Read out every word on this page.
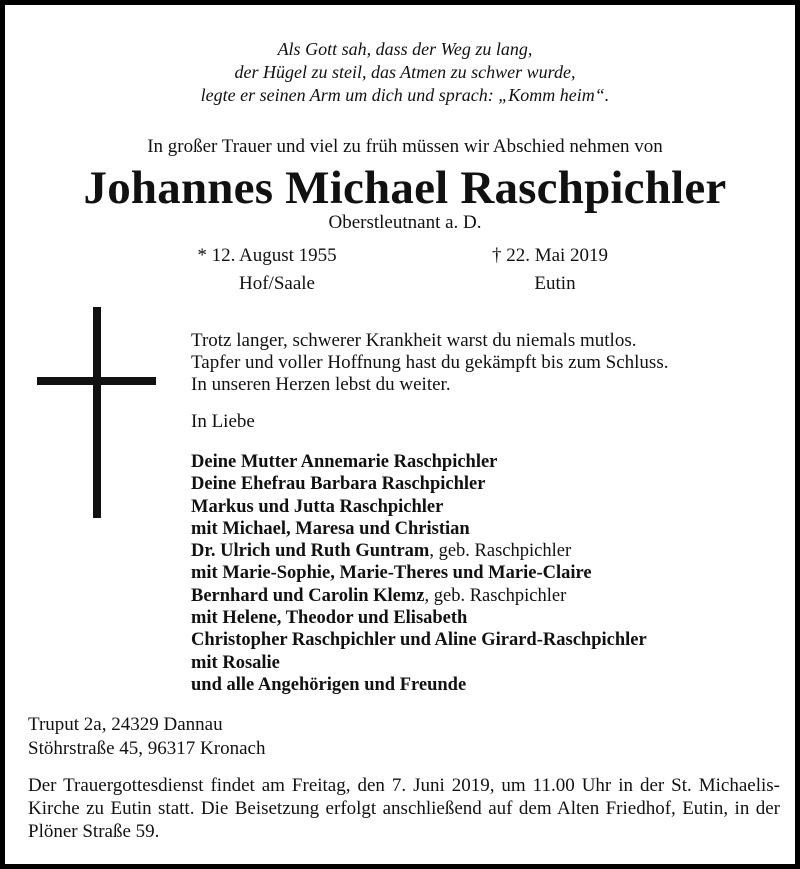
Als Gott sah, dass der Weg zu lang,
der Hügel zu steil, das Atmen zu schwer wurde,
legte er seinen Arm um dich und sprach: „Komm heim“.
In großer Trauer und viel zu früh müssen wir Abschied nehmen von
Johannes Michael Raschpichler
Oberstleutnant a. D.
* 12. August 1955
Hof/Saale
† 22. Mai 2019
Eutin
Trotz langer, schwerer Krankheit warst du niemals mutlos.
Tapfer und voller Hoffnung hast du gekämpft bis zum Schluss.
In unseren Herzen lebst du weiter.
In Liebe
Deine Mutter Annemarie Raschpichler
Deine Ehefrau Barbara Raschpichler
Markus und Jutta Raschpichler
mit Michael, Maresa und Christian
Dr. Ulrich und Ruth Guntram, geb. Raschpichler
mit Marie-Sophie, Marie-Theres und Marie-Claire
Bernhard und Carolin Klemz, geb. Raschpichler
mit Helene, Theodor und Elisabeth
Christopher Raschpichler und Aline Girard-Raschpichler
mit Rosalie
und alle Angehörigen und Freunde
Truput 2a, 24329 Dannau
Stöhrstraße 45, 96317 Kronach
Der Trauergottesdienst findet am Freitag, den 7. Juni 2019, um 11.00 Uhr in der St. Michaelis-Kirche zu Eutin statt. Die Beisetzung erfolgt anschließend auf dem Alten Friedhof, Eutin, in der Plöner Straße 59.
